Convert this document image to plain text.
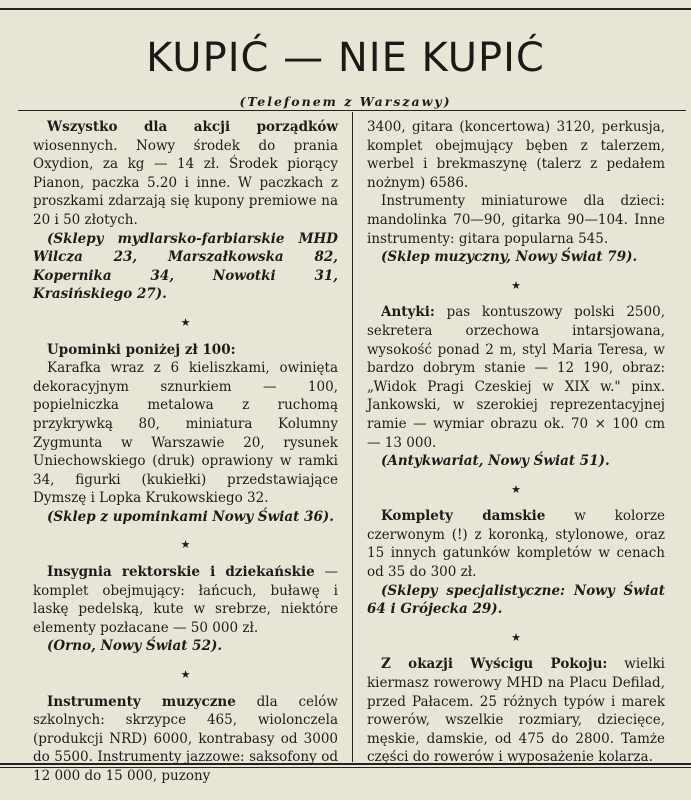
KUPIĆ — NIE KUPIĆ
(Telefonem z Warszawy)

Wszystko dla akcji porządków wiosennych. Nowy środek do prania Oxydion, za kg — 14 zł. Środek piorący Pianon, paczka 5.20 i inne. W paczkach z proszkami zdarzają się kupony premiowe na 20 i 50 złotych.

(Sklepy mydlarsko-farbiarskie MHD Wilcza 23, Marszałkowska 82, Kopernika 34, Nowotki 31, Krasińskiego 27).

★

Upominki poniżej zł 100:

Karafka wraz z 6 kieliszkami, owinięta dekoracyjnym sznurkiem — 100, popielniczka metalowa z ruchomą przykrywką 80, miniatura Kolumny Zygmunta w Warszawie 20, rysunek Uniechowskiego (druk) oprawiony w ramki 34, figurki (kukiełki) przedstawiające Dymszę i Lopka Krukowskiego 32.

(Sklep z upominkami Nowy Świat 36).

★

Insygnia rektorskie i dziekańskie — komplet obejmujący: łańcuch, buławę i laskę pedelską, kute w srebrze, niektóre elementy pozłacane — 50 000 zł.

(Orno, Nowy Świat 52).

★

Instrumenty muzyczne dla celów szkolnych: skrzypce 465, wiolonczela (produkcji NRD) 6000, kontrabasy od 3000 do 5500. Instrumenty jazzowe: saksofony od 12 000 do 15 000, puzony

3400, gitara (koncertowa) 3120, perkusja, komplet obejmujący bęben z talerzem, werbel i brekmaszynę (talerz z pedałem nożnym) 6586.

Instrumenty miniaturowe dla dzieci: mandolinka 70—90, gitarka 90—104. Inne instrumenty: gitara popularna 545.

(Sklep muzyczny, Nowy Świat 79).

★

Antyki: pas kontuszowy polski 2500, sekretera orzechowa intarsjowana, wysokość ponad 2 m, styl Maria Teresa, w bardzo dobrym stanie — 12 190, obraz: „Widok Pragi Czeskiej w XIX w." pinx. Jankowski, w szerokiej reprezentacyjnej ramie — wymiar obrazu ok. 70 × 100 cm — 13 000.

(Antykwariat, Nowy Świat 51).

★

Komplety damskie w kolorze czerwonym (!) z koronką, stylonowe, oraz 15 innych gatunków kompletów w cenach od 35 do 300 zł.

(Sklepy specjalistyczne: Nowy Świat 64 i Grójecka 29).

★

Z okazji Wyścigu Pokoju: wielki kiermasz rowerowy MHD na Placu Defilad, przed Pałacem. 25 różnych typów i marek rowerów, wszelkie rozmiary, dziecięce, męskie, damskie, od 475 do 2800. Tamże części do rowerów i wyposażenie kolarza.
